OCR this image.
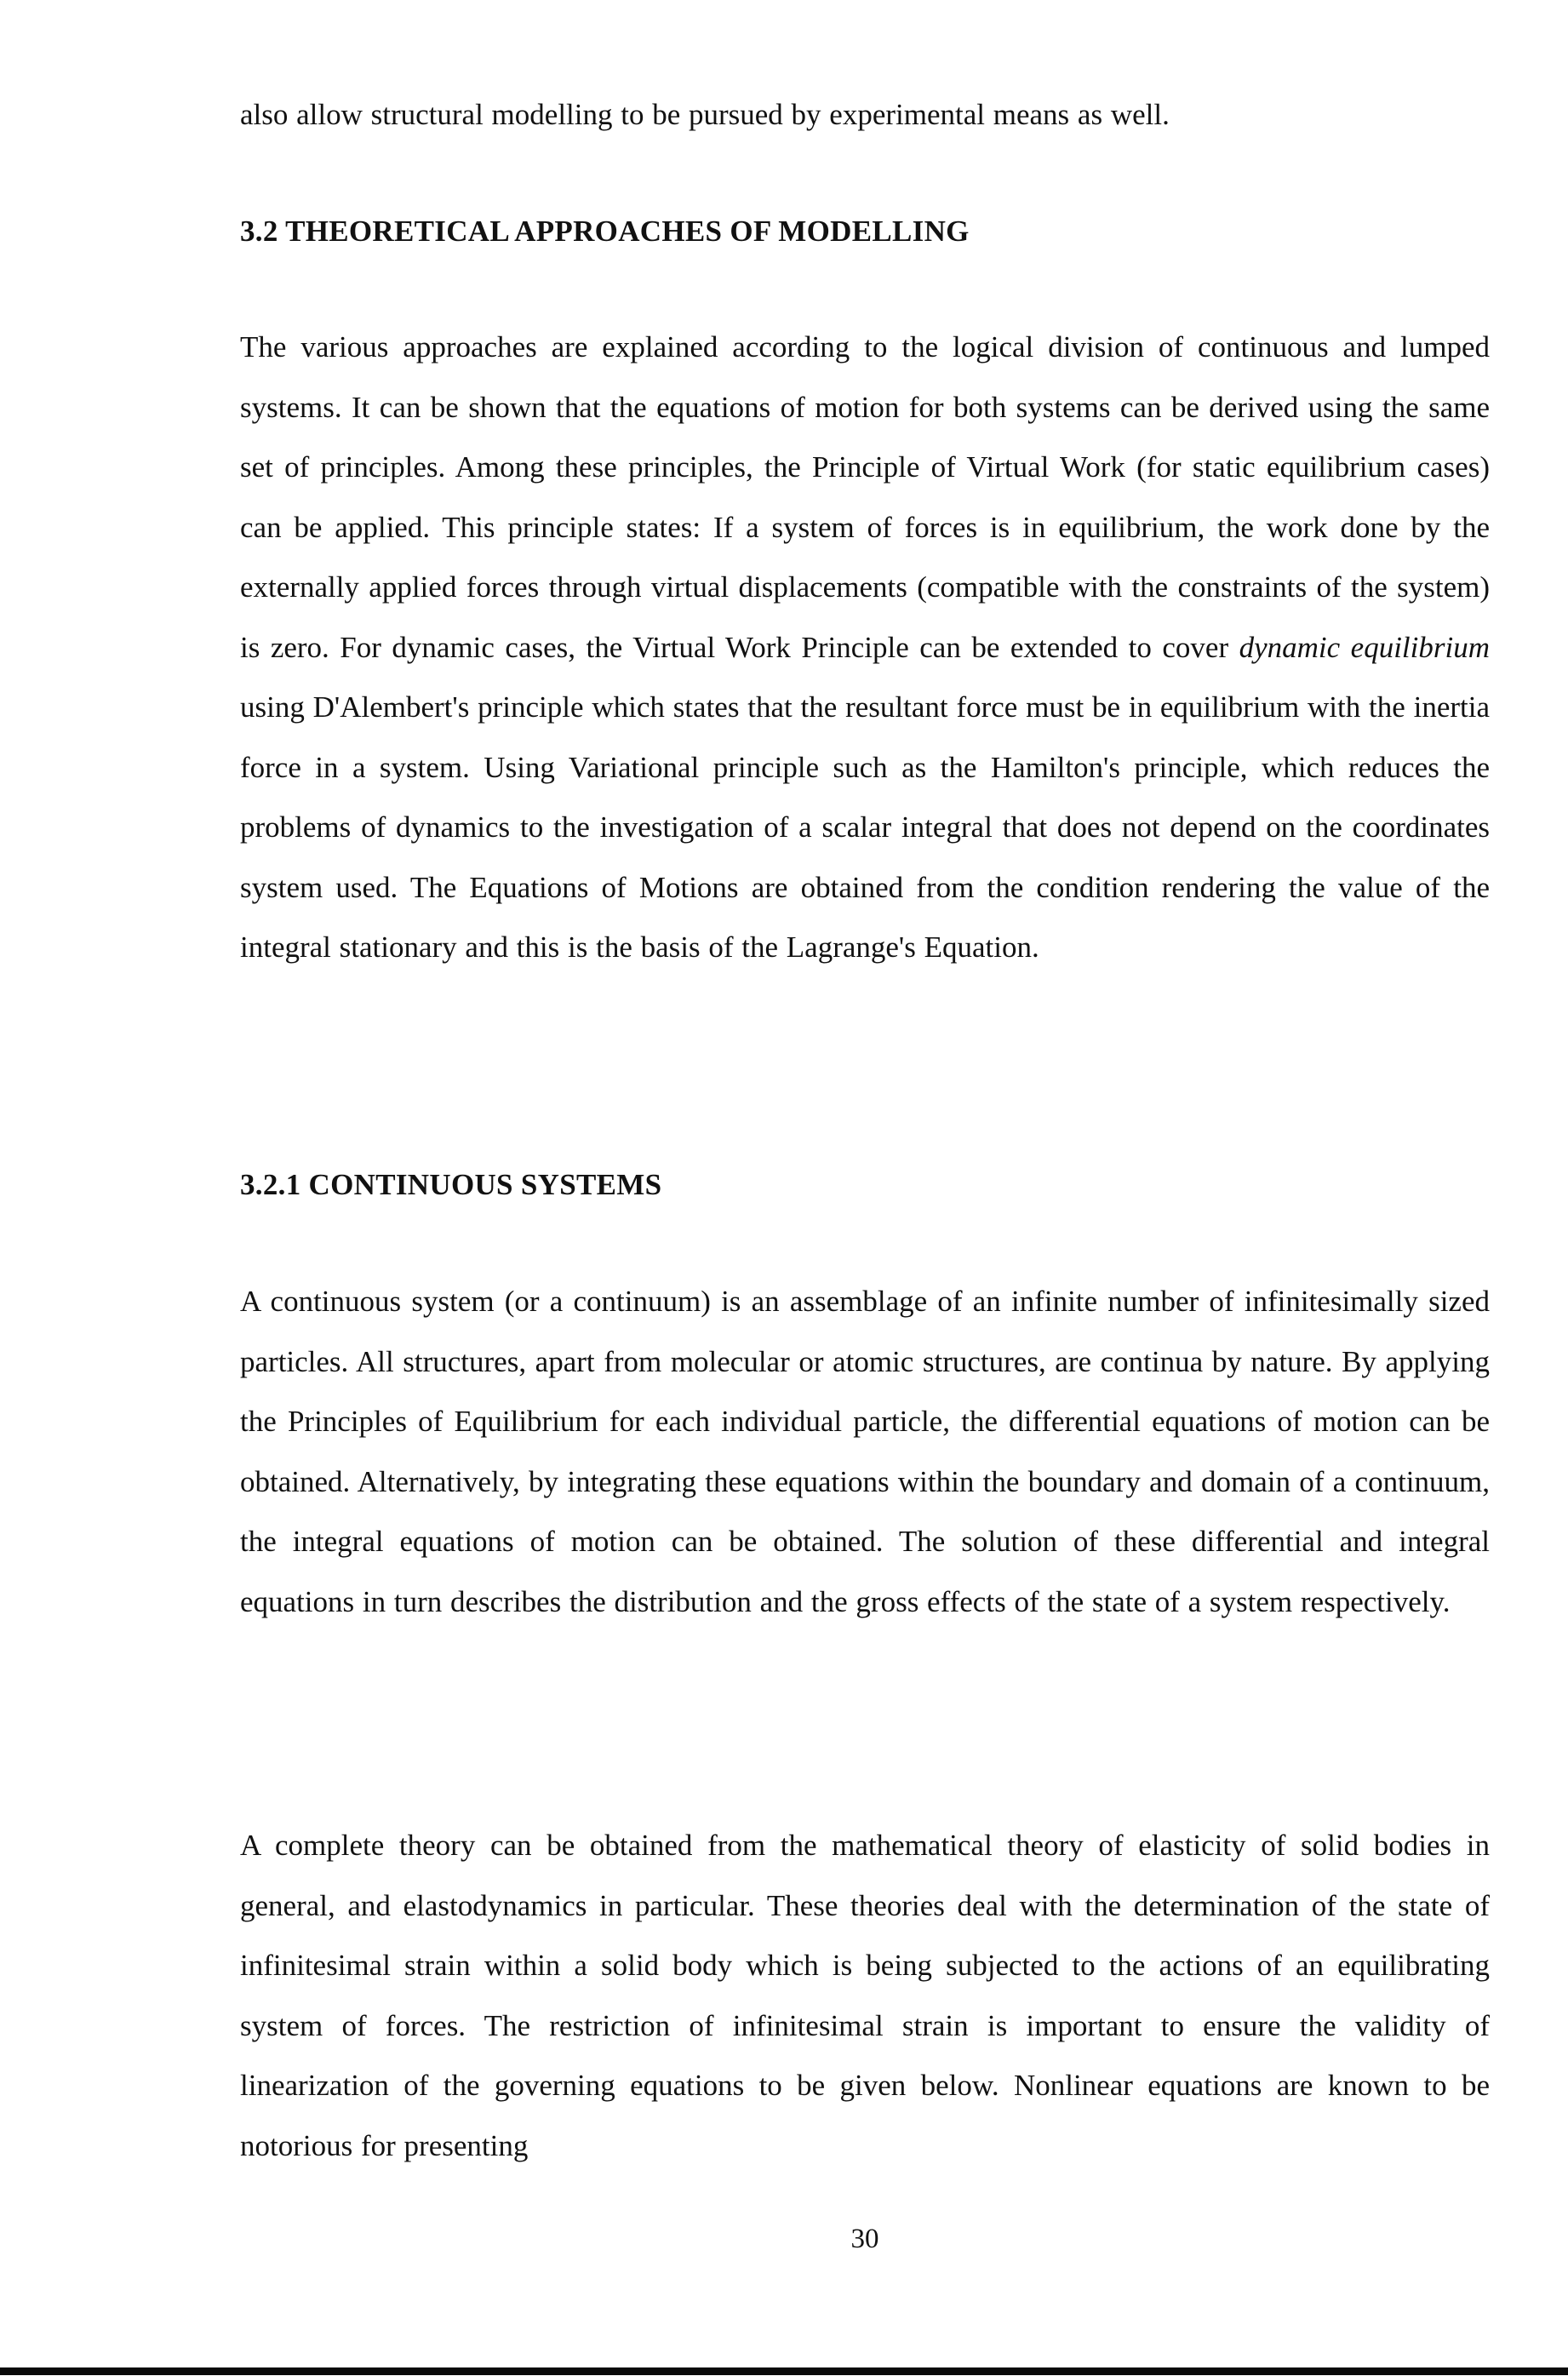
also allow structural modelling to be pursued by experimental means as well.

3.2 THEORETICAL APPROACHES OF MODELLING

The various approaches are explained according to the logical division of continuous and lumped systems. It can be shown that the equations of motion for both systems can be derived using the same set of principles. Among these principles, the Principle of Virtual Work (for static equilibrium cases) can be applied. This principle states: If a system of forces is in equilibrium, the work done by the externally applied forces through virtual displacements (compatible with the constraints of the system) is zero. For dynamic cases, the Virtual Work Principle can be extended to cover dynamic equilibrium using D'Alembert's principle which states that the resultant force must be in equilibrium with the inertia force in a system. Using Variational principle such as the Hamilton's principle, which reduces the problems of dynamics to the investigation of a scalar integral that does not depend on the coordinates system used. The Equations of Motions are obtained from the condition rendering the value of the integral stationary and this is the basis of the Lagrange's Equation.

3.2.1 CONTINUOUS SYSTEMS

A continuous system (or a continuum) is an assemblage of an infinite number of infinitesimally sized particles. All structures, apart from molecular or atomic structures, are continua by nature. By applying the Principles of Equilibrium for each individual particle, the differential equations of motion can be obtained. Alternatively, by integrating these equations within the boundary and domain of a continuum, the integral equations of motion can be obtained. The solution of these differential and integral equations in turn describes the distribution and the gross effects of the state of a system respectively.

A complete theory can be obtained from the mathematical theory of elasticity of solid bodies in general, and elastodynamics in particular. These theories deal with the determination of the state of infinitesimal strain within a solid body which is being subjected to the actions of an equilibrating system of forces. The restriction of infinitesimal strain is important to ensure the validity of linearization of the governing equations to be given below. Nonlinear equations are known to be notorious for presenting

30
